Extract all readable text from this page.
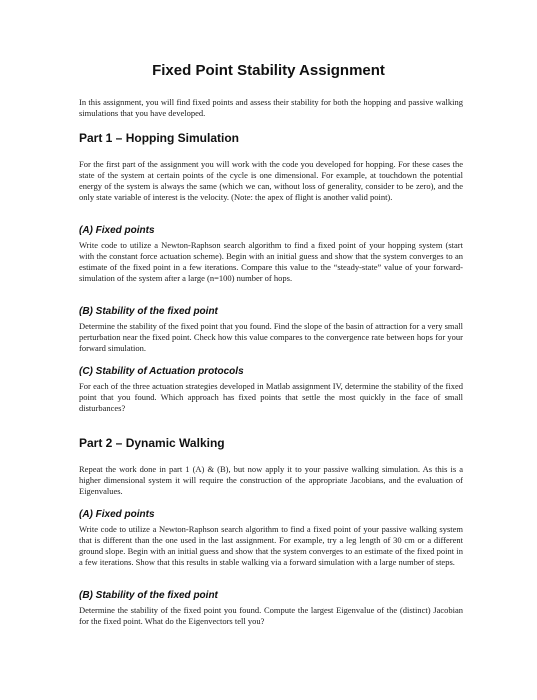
Fixed Point Stability Assignment
In this assignment, you will find fixed points and assess their stability for both the hopping and passive walking simulations that you have developed.
Part 1 – Hopping Simulation
For the first part of the assignment you will work with the code you developed for hopping. For these cases the state of the system at certain points of the cycle is one dimensional. For example, at touchdown the potential energy of the system is always the same (which we can, without loss of generality, consider to be zero), and the only state variable of interest is the velocity. (Note: the apex of flight is another valid point).
(A) Fixed points
Write code to utilize a Newton-Raphson search algorithm to find a fixed point of your hopping system (start with the constant force actuation scheme). Begin with an initial guess and show that the system converges to an estimate of the fixed point in a few iterations. Compare this value to the “steady-state” value of your forward-simulation of the system after a large (n=100) number of hops.
(B) Stability of the fixed point
Determine the stability of the fixed point that you found. Find the slope of the basin of attraction for a very small perturbation near the fixed point. Check how this value compares to the convergence rate between hops for your forward simulation.
(C) Stability of Actuation protocols
For each of the three actuation strategies developed in Matlab assignment IV, determine the stability of the fixed point that you found. Which approach has fixed points that settle the most quickly in the face of small disturbances?
Part 2 – Dynamic Walking
Repeat the work done in part 1 (A) & (B), but now apply it to your passive walking simulation. As this is a higher dimensional system it will require the construction of the appropriate Jacobians, and the evaluation of Eigenvalues.
(A) Fixed points
Write code to utilize a Newton-Raphson search algorithm to find a fixed point of your passive walking system that is different than the one used in the last assignment. For example, try a leg length of 30 cm or a different ground slope. Begin with an initial guess and show that the system converges to an estimate of the fixed point in a few iterations. Show that this results in stable walking via a forward simulation with a large number of steps.
(B) Stability of the fixed point
Determine the stability of the fixed point you found. Compute the largest Eigenvalue of the (distinct) Jacobian for the fixed point. What do the Eigenvectors tell you?
